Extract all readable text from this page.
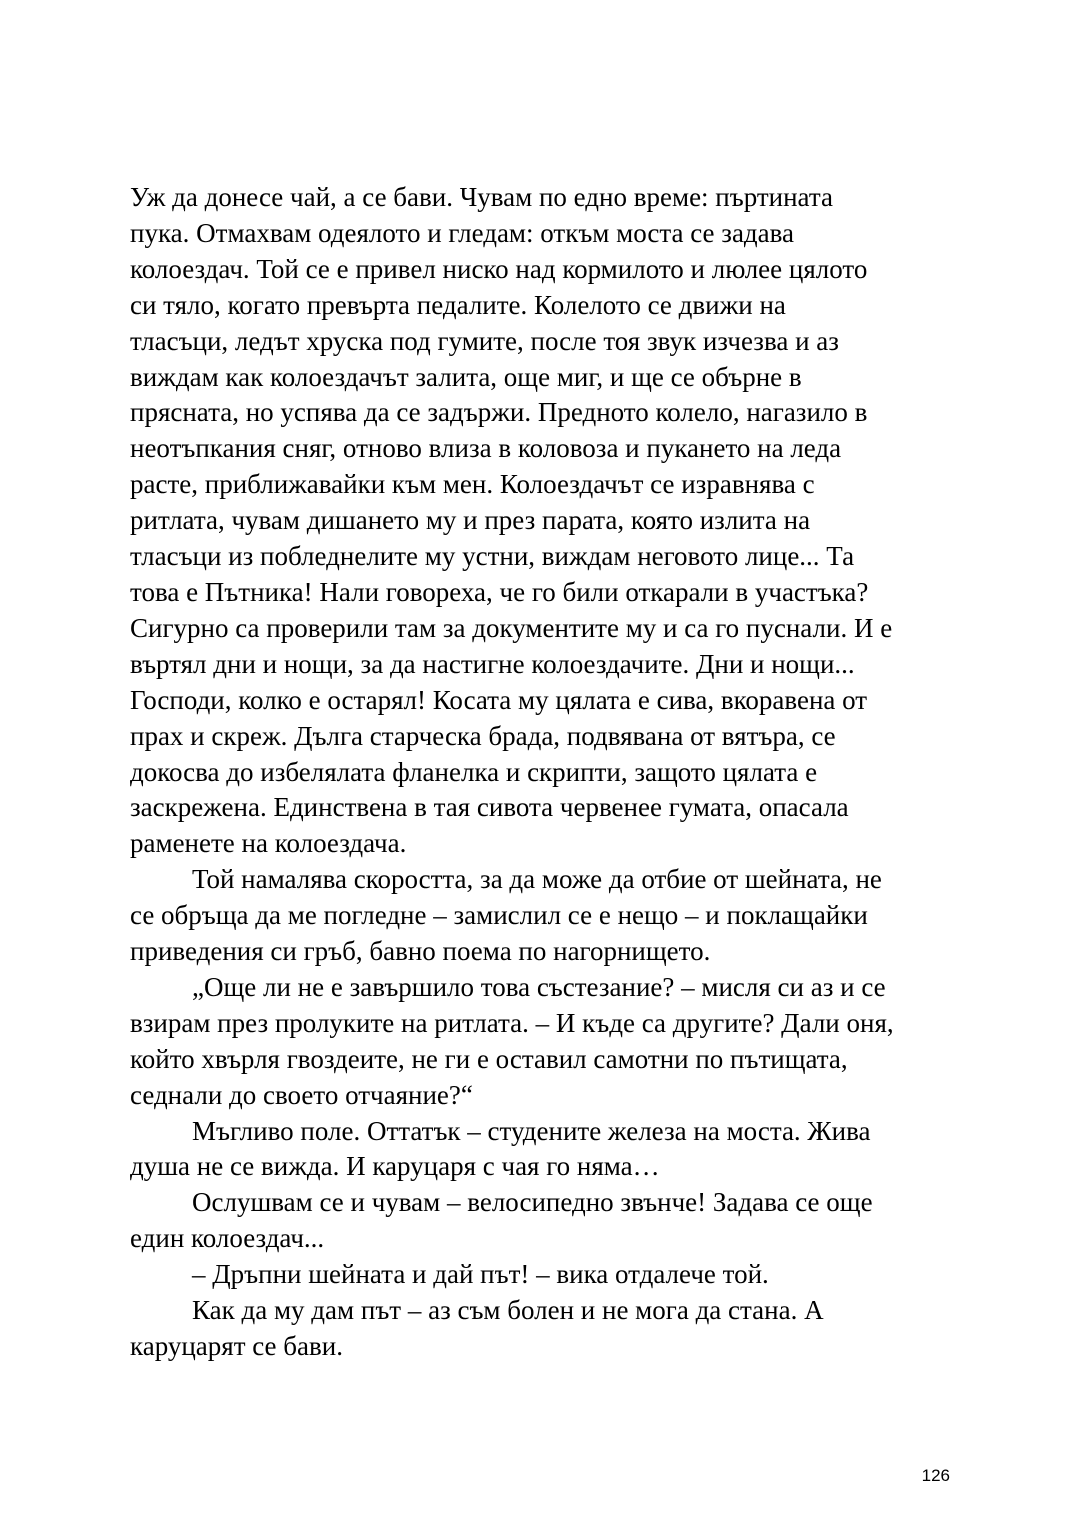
Уж да донесе чай, а се бави. Чувам по едно време: пъртината
пука. Отмахвам одеялото и гледам: откъм моста се задава
колоездач. Той се е привел ниско над кормилото и люлее цялото
си тяло, когато превърта педалите. Колелото се движи на
тласъци, ледът хруска под гумите, после тоя звук изчезва и аз
виждам как колоездачът залита, още миг, и ще се обърне в
прясната, но успява да се задържи. Предното колело, нагазило в
неотъпкания сняг, отново влиза в коловоза и пукането на леда
расте, приближавайки към мен. Колоездачът се изравнява с
ритлата, чувам дишането му и през парата, която излита на
тласъци из побледнелите му устни, виждам неговото лице... Та
това е Пътника! Нали говореха, че го били откарали в участъка?
Сигурно са проверили там за документите му и са го пуснали. И е
въртял дни и нощи, за да настигне колоездачите. Дни и нощи...
Господи, колко е остарял! Косата му цялата е сива, вкоравена от
прах и скреж. Дълга старческа брада, подвявана от вятъра, се
докосва до избелялата фланелка и скрипти, защото цялата е
заскрежена. Единствена в тая сивота червенее гумата, опасала
раменете на колоездача.
Той намалява скоростта, за да може да отбие от шейната, не
се обръща да ме погледне – замислил се е нещо – и поклащайки
приведения си гръб, бавно поема по нагорнището.
„Още ли не е завършило това състезание? – мисля си аз и се
взирам през пролуките на ритлата. – И къде са другите? Дали оня,
който хвърля гвоздеите, не ги е оставил самотни по пътищата,
седнали до своето отчаяние?“
Мъгливо поле. Оттатък – студените железа на моста. Жива
душа не се вижда. И каруцаря с чая го няма…
Ослушвам се и чувам – велосипедно звънче! Задава се още
един колоездач...
– Дръпни шейната и дай път! – вика отдалече той.
Как да му дам път – аз съм болен и не мога да стана. А
каруцарят се бави.
126
